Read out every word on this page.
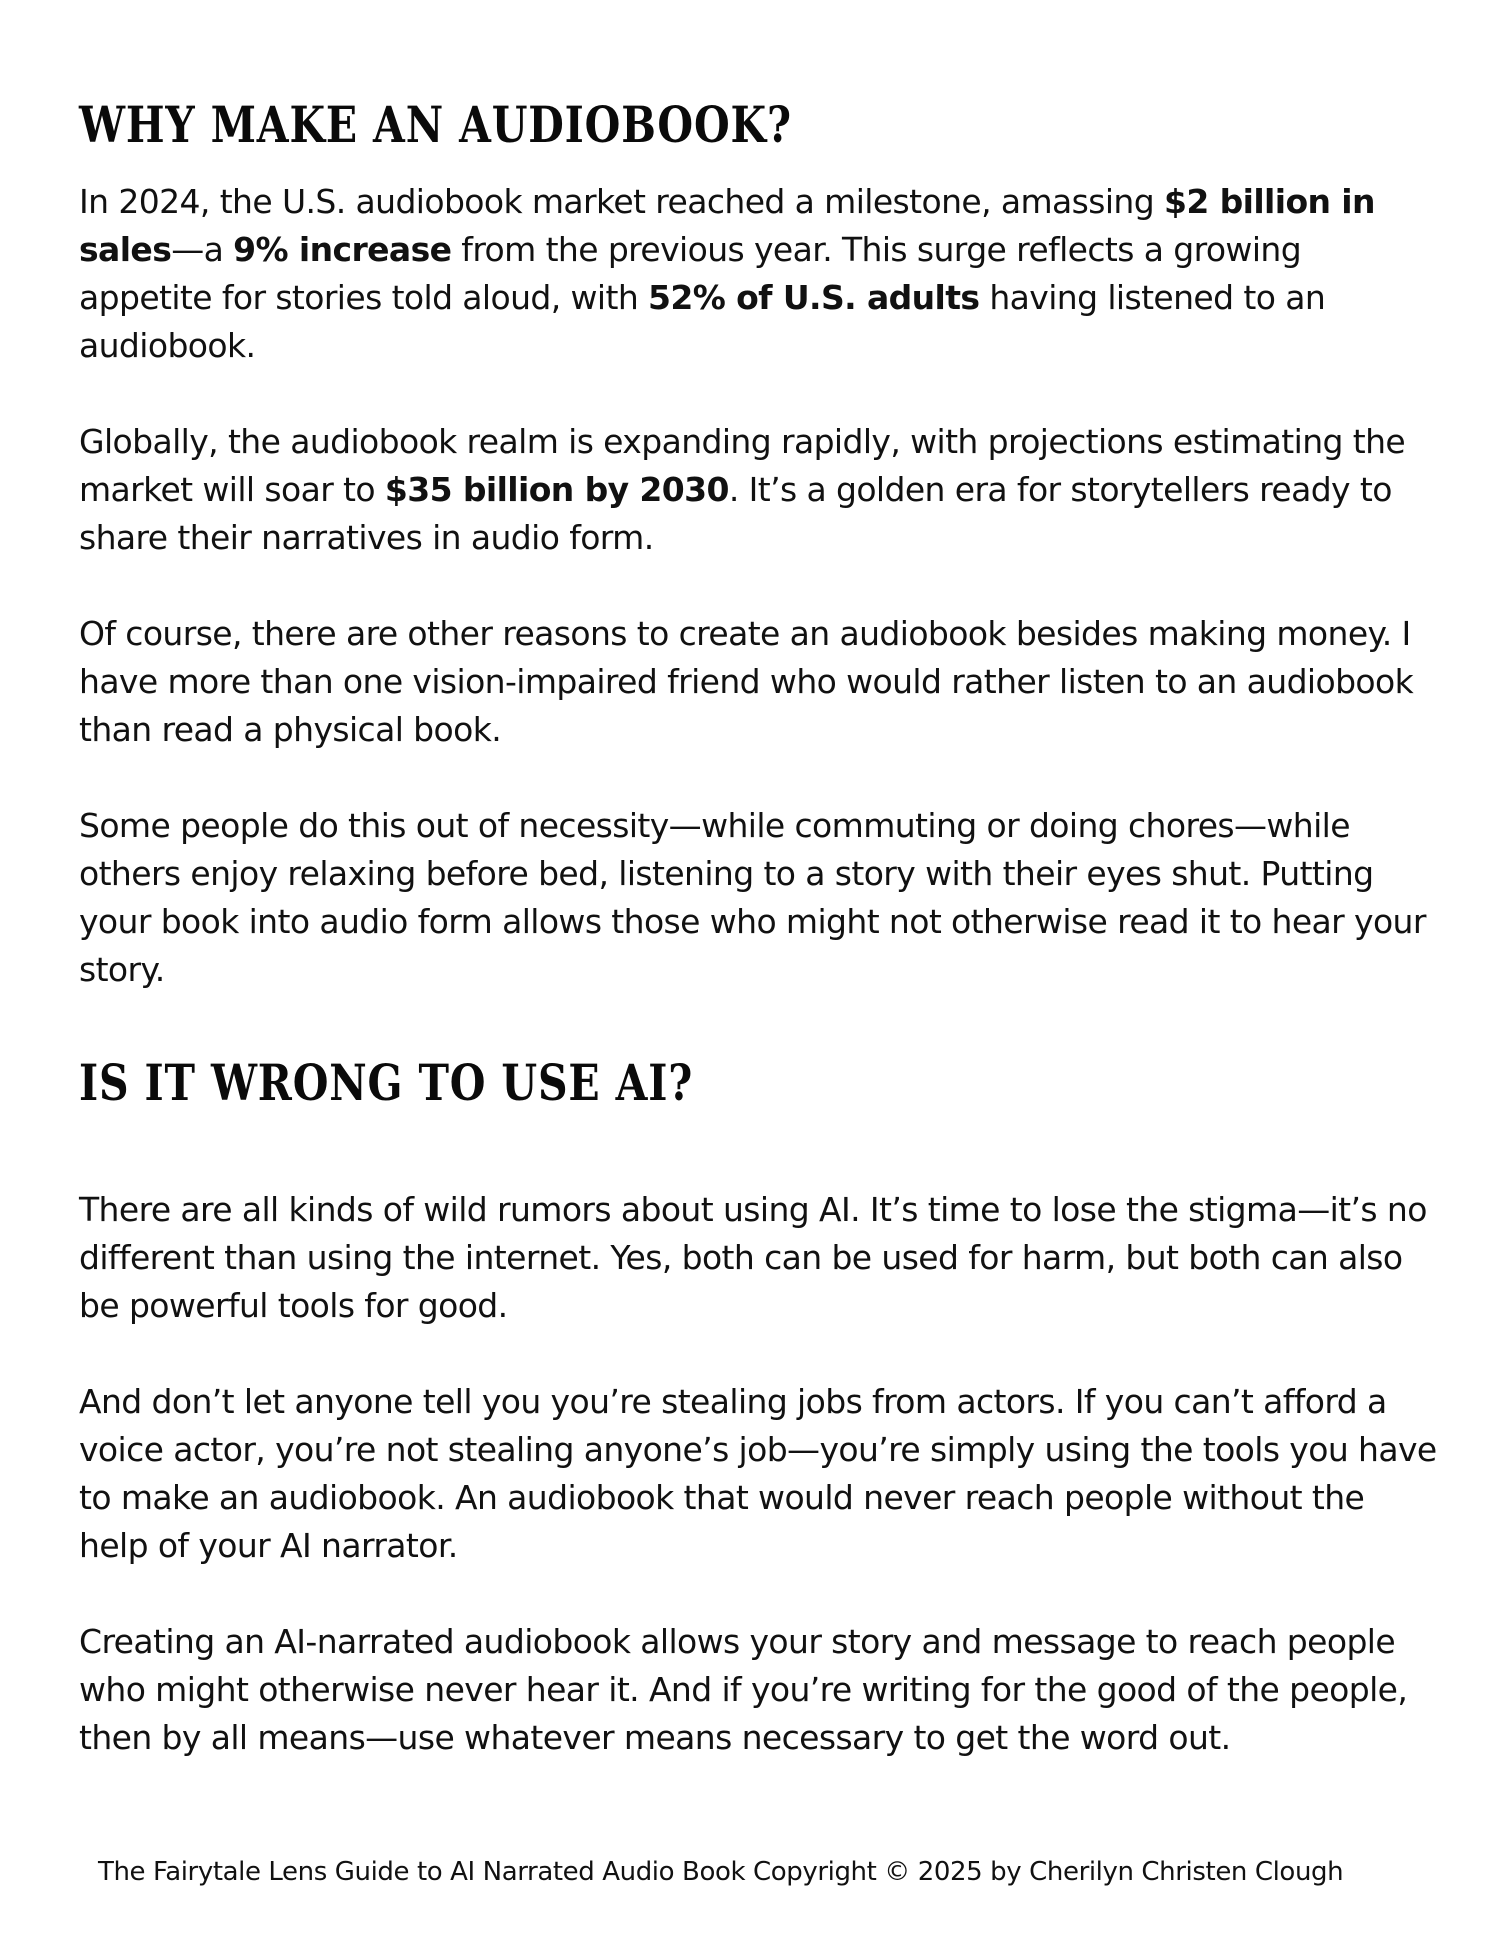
WHY MAKE AN AUDIOBOOK?

In 2024, the U.S. audiobook market reached a milestone, amassing $2 billion in sales—a 9% increase from the previous year. This surge reflects a growing appetite for stories told aloud, with 52% of U.S. adults having listened to an audiobook.

Globally, the audiobook realm is expanding rapidly, with projections estimating the market will soar to $35 billion by 2030. It’s a golden era for storytellers ready to share their narratives in audio form.

Of course, there are other reasons to create an audiobook besides making money. I have more than one vision-impaired friend who would rather listen to an audiobook than read a physical book.

Some people do this out of necessity—while commuting or doing chores—while others enjoy relaxing before bed, listening to a story with their eyes shut. Putting your book into audio form allows those who might not otherwise read it to hear your story.

IS IT WRONG TO USE AI?

There are all kinds of wild rumors about using AI. It’s time to lose the stigma—it’s no different than using the internet. Yes, both can be used for harm, but both can also be powerful tools for good.

And don’t let anyone tell you you’re stealing jobs from actors. If you can’t afford a voice actor, you’re not stealing anyone’s job—you’re simply using the tools you have to make an audiobook. An audiobook that would never reach people without the help of your AI narrator.

Creating an AI-narrated audiobook allows your story and message to reach people who might otherwise never hear it. And if you’re writing for the good of the people, then by all means—use whatever means necessary to get the word out.

The Fairytale Lens Guide to AI Narrated Audio Book Copyright © 2025 by Cherilyn Christen Clough
